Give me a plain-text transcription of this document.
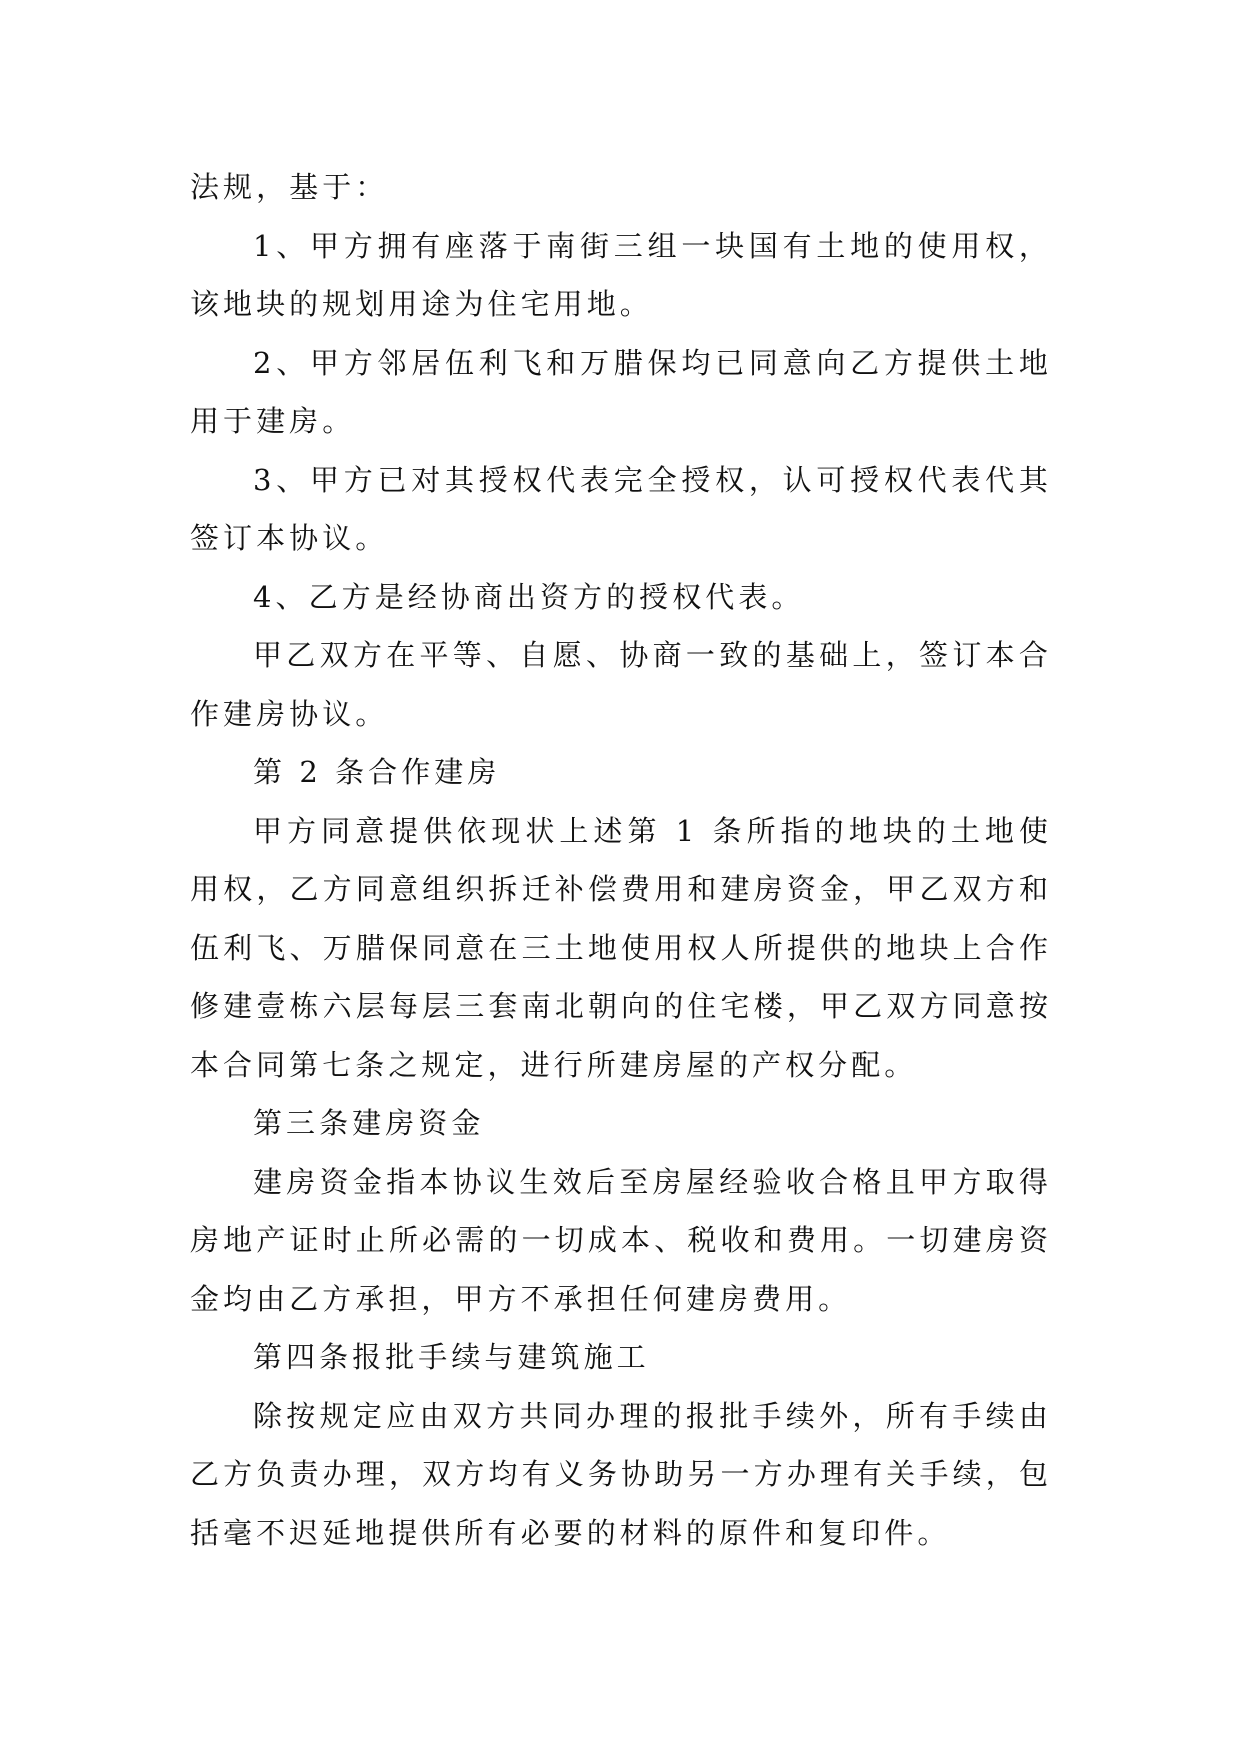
法规，基于：

1、甲方拥有座落于南街三组一块国有土地的使用权，该地块的规划用途为住宅用地。

2、甲方邻居伍利飞和万腊保均已同意向乙方提供土地用于建房。

3、甲方已对其授权代表完全授权，认可授权代表代其签订本协议。

4、乙方是经协商出资方的授权代表。

甲乙双方在平等、自愿、协商一致的基础上，签订本合作建房协议。

第 2 条合作建房

甲方同意提供依现状上述第 1 条所指的地块的土地使用权，乙方同意组织拆迁补偿费用和建房资金，甲乙双方和伍利飞、万腊保同意在三土地使用权人所提供的地块上合作修建壹栋六层每层三套南北朝向的住宅楼，甲乙双方同意按本合同第七条之规定，进行所建房屋的产权分配。

第三条建房资金

建房资金指本协议生效后至房屋经验收合格且甲方取得房地产证时止所必需的一切成本、税收和费用。一切建房资金均由乙方承担，甲方不承担任何建房费用。

第四条报批手续与建筑施工

除按规定应由双方共同办理的报批手续外，所有手续由乙方负责办理，双方均有义务协助另一方办理有关手续，包括毫不迟延地提供所有必要的材料的原件和复印件。
